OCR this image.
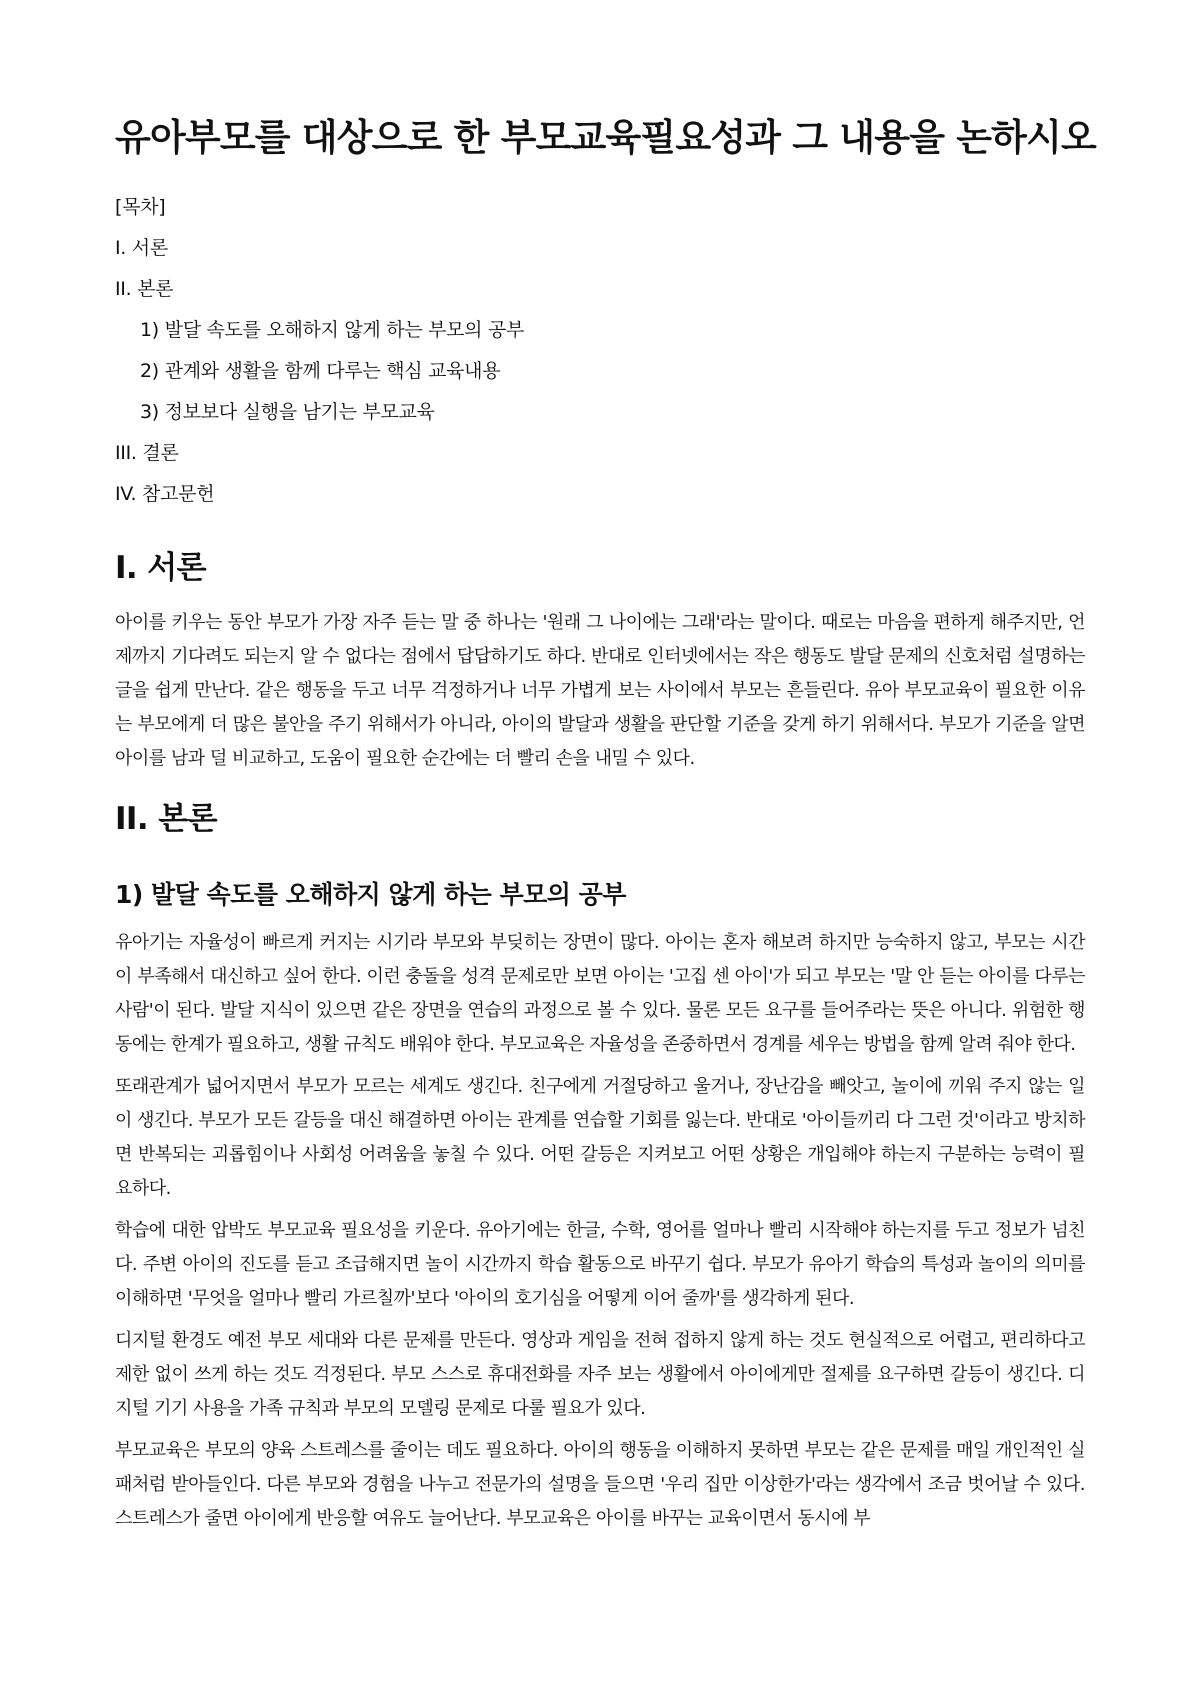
유아부모를 대상으로 한 부모교육필요성과 그 내용을 논하시오
[목차]
I. 서론
II. 본론
1) 발달 속도를 오해하지 않게 하는 부모의 공부
2) 관계와 생활을 함께 다루는 핵심 교육내용
3) 정보보다 실행을 남기는 부모교육
III. 결론
IV. 참고문헌
I. 서론

아이를 키우는 동안 부모가 가장 자주 듣는 말 중 하나는 '원래 그 나이에는 그래'라는 말이다. 때로는 마음을 편하게 해주지만, 언제까지 기다려도 되는지 알 수 없다는 점에서 답답하기도 하다. 반대로 인터넷에서는 작은 행동도 발달 문제의 신호처럼 설명하는 글을 쉽게 만난다. 같은 행동을 두고 너무 걱정하거나 너무 가볍게 보는 사이에서 부모는 흔들린다. 유아 부모교육이 필요한 이유는 부모에게 더 많은 불안을 주기 위해서가 아니라, 아이의 발달과 생활을 판단할 기준을 갖게 하기 위해서다. 부모가 기준을 알면 아이를 남과 덜 비교하고, 도움이 필요한 순간에는 더 빨리 손을 내밀 수 있다.

II. 본론
1) 발달 속도를 오해하지 않게 하는 부모의 공부

유아기는 자율성이 빠르게 커지는 시기라 부모와 부딪히는 장면이 많다. 아이는 혼자 해보려 하지만 능숙하지 않고, 부모는 시간이 부족해서 대신하고 싶어 한다. 이런 충돌을 성격 문제로만 보면 아이는 '고집 센 아이'가 되고 부모는 '말 안 듣는 아이를 다루는 사람'이 된다. 발달 지식이 있으면 같은 장면을 연습의 과정으로 볼 수 있다. 물론 모든 요구를 들어주라는 뜻은 아니다. 위험한 행동에는 한계가 필요하고, 생활 규칙도 배워야 한다. 부모교육은 자율성을 존중하면서 경계를 세우는 방법을 함께 알려 줘야 한다.

또래관계가 넓어지면서 부모가 모르는 세계도 생긴다. 친구에게 거절당하고 울거나, 장난감을 빼앗고, 놀이에 끼워 주지 않는 일이 생긴다. 부모가 모든 갈등을 대신 해결하면 아이는 관계를 연습할 기회를 잃는다. 반대로 '아이들끼리 다 그런 것'이라고 방치하면 반복되는 괴롭힘이나 사회성 어려움을 놓칠 수 있다. 어떤 갈등은 지켜보고 어떤 상황은 개입해야 하는지 구분하는 능력이 필요하다.

학습에 대한 압박도 부모교육 필요성을 키운다. 유아기에는 한글, 수학, 영어를 얼마나 빨리 시작해야 하는지를 두고 정보가 넘친다. 주변 아이의 진도를 듣고 조급해지면 놀이 시간까지 학습 활동으로 바꾸기 쉽다. 부모가 유아기 학습의 특성과 놀이의 의미를 이해하면 '무엇을 얼마나 빨리 가르칠까'보다 '아이의 호기심을 어떻게 이어 줄까'를 생각하게 된다.

디지털 환경도 예전 부모 세대와 다른 문제를 만든다. 영상과 게임을 전혀 접하지 않게 하는 것도 현실적으로 어렵고, 편리하다고 제한 없이 쓰게 하는 것도 걱정된다. 부모 스스로 휴대전화를 자주 보는 생활에서 아이에게만 절제를 요구하면 갈등이 생긴다. 디지털 기기 사용을 가족 규칙과 부모의 모델링 문제로 다룰 필요가 있다.

부모교육은 부모의 양육 스트레스를 줄이는 데도 필요하다. 아이의 행동을 이해하지 못하면 부모는 같은 문제를 매일 개인적인 실패처럼 받아들인다. 다른 부모와 경험을 나누고 전문가의 설명을 들으면 '우리 집만 이상한가'라는 생각에서 조금 벗어날 수 있다. 스트레스가 줄면 아이에게 반응할 여유도 늘어난다. 부모교육은 아이를 바꾸는 교육이면서 동시에 부
